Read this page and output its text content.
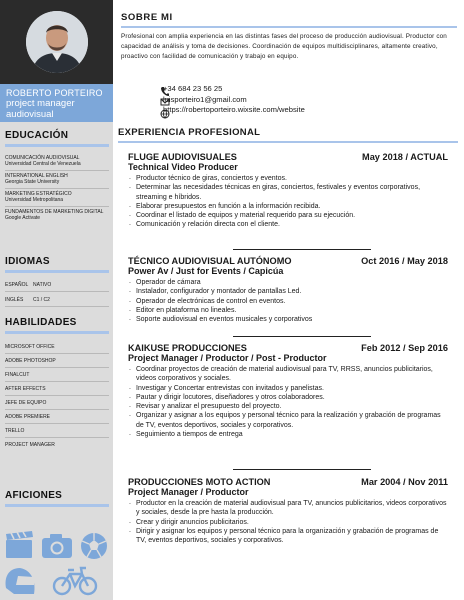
ROBERTO PORTEIRO
project manager audiovisual
EDUCACIÓN
COMUNICACIÓN AUDIOVISUAL
Universidad Central de Venezuela
INTERNATIONAL ENGLISH
Georgia State University
MARKETING ESTRATÉGICO
Universidad Metropolitana
FUNDAMENTOS DE MARKETING DIGITAL
Google Activate
IDIOMAS
ESPAÑOL NATIVO
INGLÉS	C1 / C2
HABILIDADES
MICROSOFT OFFICE
ADOBE PHOTOSHOP
FINALCUT
AFTER EFFECTS
JEFE DE EQUIPO
ADOBE PREMIERE
TRELLO
PROJECT MANAGER
AFICIONES
SOBRE MI

Profesional con amplia experiencia en las distintas fases del proceso de producción audiovisual. Productor con capacidad de análisis y toma de decisiones. Coordinación de equipos multidisciplinares, altamente creativo, proactivo con facilidad de comunicación y trabajo en equipo.

+34 684 23 56 25
luisporteiro1@gmail.com
https://robertoporteiro.wixsite.com/website
EXPERIENCIA PROFESIONAL
FLUGE AUDIOVISUALES	May 2018 / ACTUAL
Technical Video Producer
. Productor técnico de giras, conciertos y eventos.
. Determinar las necesidades técnicas en giras, conciertos, festivales y eventos corporativos, streaming e híbridos.
. Elaborar presupuestos en función a la información recibida.
. Coordinar el listado de equipos y material requerido para su ejecución.
. Comunicación y relación directa con el cliente.
TÉCNICO AUDIOVISUAL AUTÓNOMO	Oct 2016 / May 2018
Power Av / Just for Events / Capicúa
. Operador de cámara
. Instalador, configurador y montador de pantallas Led.
. Operador de electrónicas de control en eventos.
. Editor en plataforma no lineales.
. Soporte audiovisual en eventos musicales y corporativos
KAIKUSE PRODUCCIONES	Feb 2012 / Sep 2016
Project Manager / Productor / Post - Productor
. Coordinar proyectos de creación de material audiovisual para TV, RRSS, anuncios publicitarios, videos corporativos y sociales.
. Investigar y Concertar entrevistas con invitados y panelistas.
. Pautar y dirigir locutores, diseñadores y otros colaboradores.
. Revisar y analizar el presupuesto del proyecto.
. Organizar y asignar a los equipos y personal técnico para la realización y grabación de programas de TV, eventos deportivos, sociales y corporativos.
. Seguimiento a tiempos de entrega
PRODUCCIONES MOTO ACTION	Mar 2004 / Nov 2011
Project Manager / Productor
. Productor en la creación de material audiovisual para TV, anuncios publicitarios, videos corporativos y sociales, desde la pre hasta la producción.
. Crear y dirigir anuncios publicitarios.
. Dirigir y asignar los equipos y personal técnico para la organización y grabación de programas de TV, eventos deportivos, sociales y corporativos.
